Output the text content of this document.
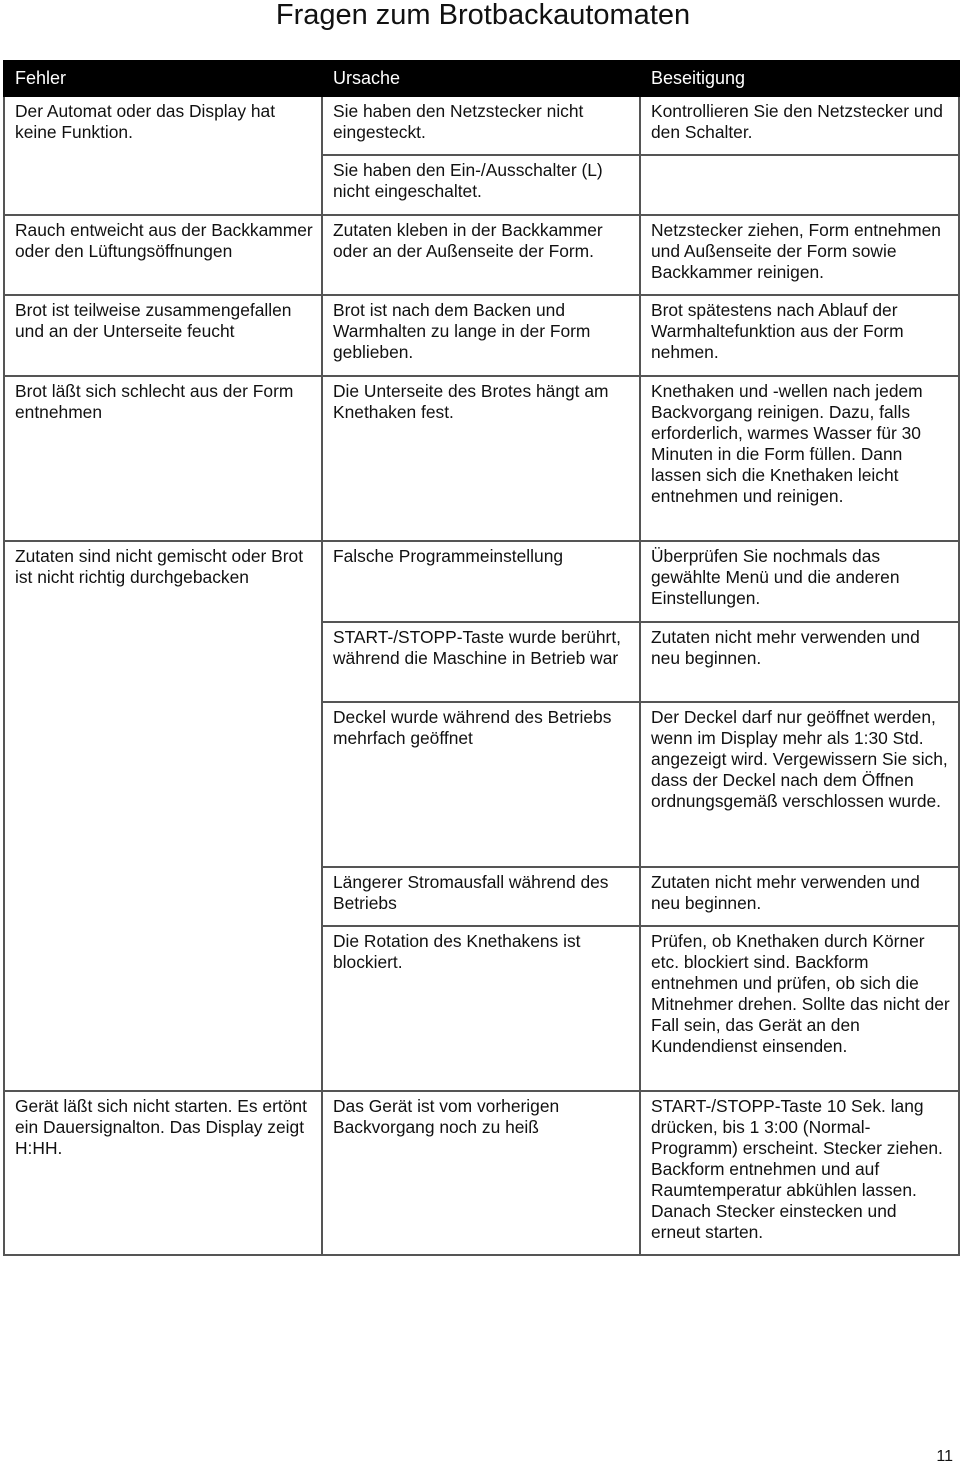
Fragen zum Brotbackautomaten
Fehler	Ursache	Beseitigung
Der Automat oder das Display hat keine Funktion.	Sie haben den Netzstecker nicht eingesteckt.	Kontrollieren Sie den Netzstecker und den Schalter.
	Sie haben den Ein-/Ausschalter (L) nicht eingeschaltet.	
Rauch entweicht aus der Backkammer oder den Lüftungsöffnungen	Zutaten kleben in der Backkammer oder an der Außenseite der Form.	Netzstecker ziehen, Form entnehmen und Außenseite der Form sowie Backkammer reinigen.
Brot ist teilweise zusammengefallen und an der Unterseite feucht	Brot ist nach dem Backen und Warmhalten zu lange in der Form geblieben.	Brot spätestens nach Ablauf der Warmhaltefunktion aus der Form nehmen.
Brot läßt sich schlecht aus der Form entnehmen	Die Unterseite des Brotes hängt am Knethaken fest.	Knethaken und -wellen nach jedem Backvorgang reinigen. Dazu, falls erforderlich, warmes Wasser für 30 Minuten in die Form füllen. Dann lassen sich die Knethaken leicht entnehmen und reinigen.
Zutaten sind nicht gemischt oder Brot ist nicht richtig durchgebacken	Falsche Programmeinstellung	Überprüfen Sie nochmals das gewählte Menü und die anderen Einstellungen.
	START-/STOPP-Taste wurde berührt, während die Maschine in Betrieb war	Zutaten nicht mehr verwenden und neu beginnen.
	Deckel wurde während des Betriebs mehrfach geöffnet	Der Deckel darf nur geöffnet werden, wenn im Display mehr als 1:30 Std. angezeigt wird. Vergewissern Sie sich, dass der Deckel nach dem Öffnen ordnungsgemäß verschlossen wurde.
	Längerer Stromausfall während des Betriebs	Zutaten nicht mehr verwenden und neu beginnen.
	Die Rotation des Knethakens ist blockiert.	Prüfen, ob Knethaken durch Körner etc. blockiert sind. Backform entnehmen und prüfen, ob sich die Mitnehmer drehen. Sollte das nicht der Fall sein, das Gerät an den Kundendienst einsenden.
Gerät läßt sich nicht starten. Es ertönt ein Dauersignalton. Das Display zeigt H:HH.	Das Gerät ist vom vorherigen Backvorgang noch zu heiß	START-/STOPP-Taste 10 Sek. lang drücken, bis 1 3:00 (Normal-Programm) erscheint. Stecker ziehen. Backform entnehmen und auf Raumtemperatur abkühlen lassen. Danach Stecker einstecken und erneut starten.
11
